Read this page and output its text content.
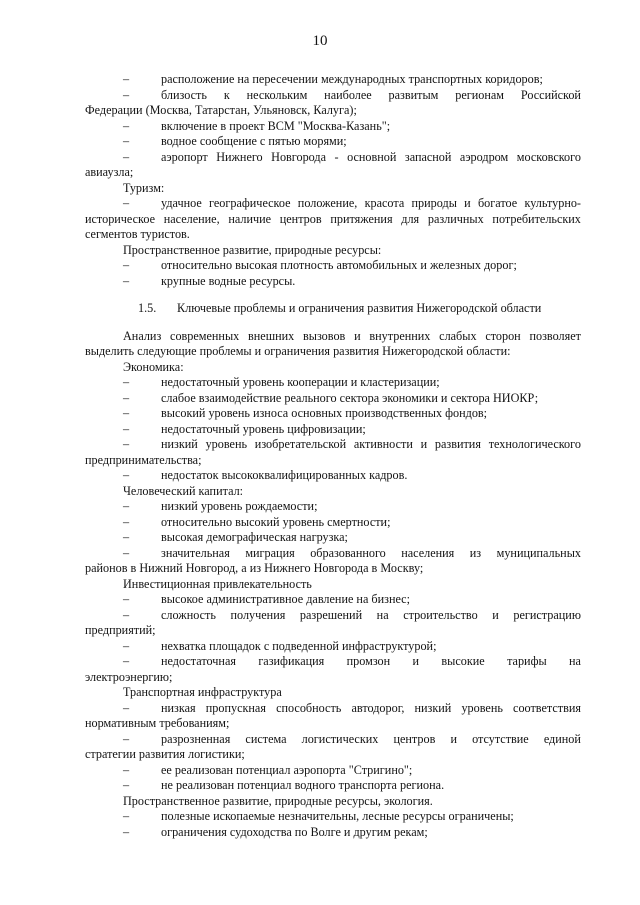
10
–	расположение на пересечении международных транспортных коридоров;
–	близость к нескольким наиболее развитым регионам Российской
Федерации (Москва, Татарстан, Ульяновск, Калуга);
–	включение в проект ВСМ "Москва-Казань";
–	водное сообщение с пятью морями;
–	аэропорт Нижнего Новгорода - основной запасной аэродром московского
авиаузла;
Туризм:
–	удачное географическое положение, красота природы и богатое культурно-
историческое население, наличие центров притяжения для различных потребительских
сегментов туристов.
Пространственное развитие, природные ресурсы:
–	относительно высокая плотность автомобильных и железных дорог;
–	крупные водные ресурсы.
1.5. Ключевые проблемы и ограничения развития Нижегородской области
Анализ современных внешних вызовов и внутренних слабых сторон позволяет
выделить следующие проблемы и ограничения развития Нижегородской области:
Экономика:
–	недостаточный уровень кооперации и кластеризации;
–	слабое взаимодействие реального сектора экономики и сектора НИОКР;
–	высокий уровень износа основных производственных фондов;
–	недостаточный уровень цифровизации;
–	низкий уровень изобретательской активности и развития технологического
предпринимательства;
–	недостаток высококвалифицированных кадров.
Человеческий капитал:
–	низкий уровень рождаемости;
–	относительно высокий уровень смертности;
–	высокая демографическая нагрузка;
–	значительная миграция образованного населения из муниципальных
районов в Нижний Новгород, а из Нижнего Новгорода в Москву;
Инвестиционная привлекательность
–	высокое административное давление на бизнес;
–	сложность получения разрешений на строительство и регистрацию
предприятий;
–	нехватка площадок с подведенной инфраструктурой;
–	недостаточная газификация промзон и высокие тарифы на
электроэнергию;
Транспортная инфраструктура
–	низкая пропускная способность автодорог, низкий уровень соответствия
нормативным требованиям;
–	разрозненная система логистических центров и отсутствие единой
стратегии развития логистики;
–	ее реализован потенциал аэропорта "Стригино";
–	не реализован потенциал водного транспорта региона.
Пространственное развитие, природные ресурсы, экология.
–	полезные ископаемые незначительны, лесные ресурсы ограничены;
–	ограничения судоходства по Волге и другим рекам;
